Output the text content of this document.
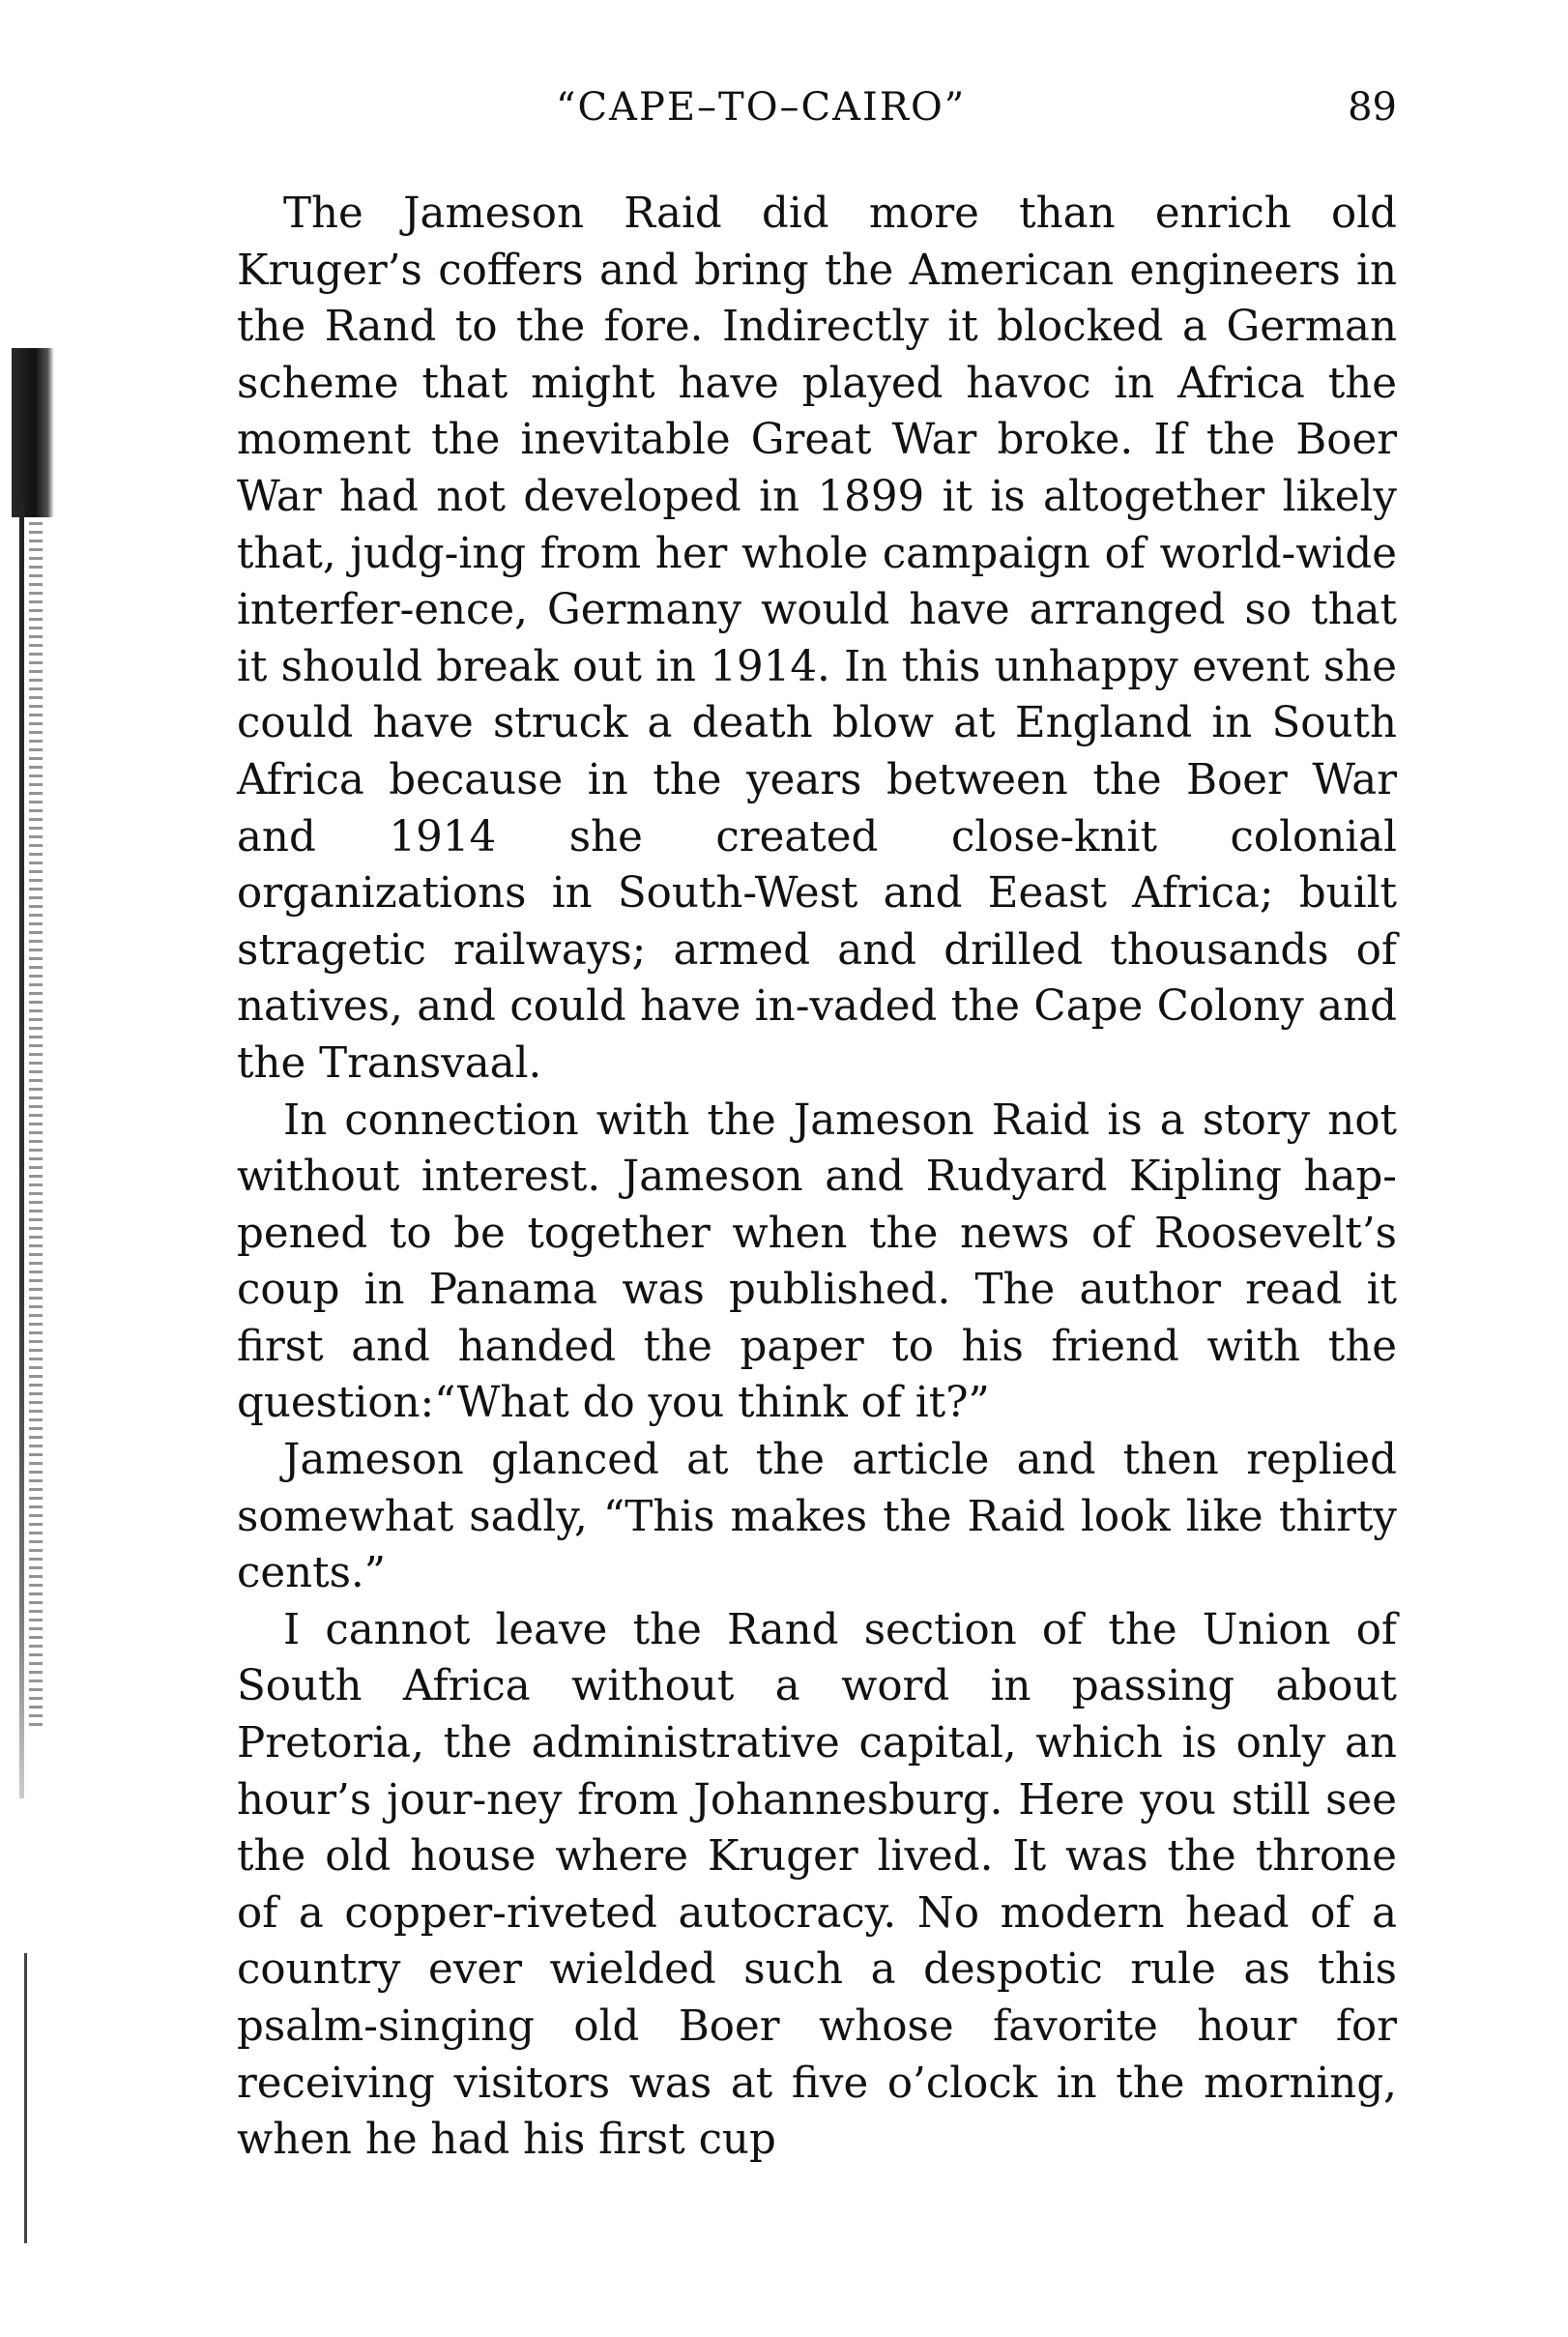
“CAPE–TO–CAIRO”	89

The Jameson Raid did more than enrich old Kruger’s coffers and bring the American engineers in the Rand to the fore. Indirectly it blocked a German scheme that might have played havoc in Africa the moment the inevitable Great War broke. If the Boer War had not developed in 1899 it is altogether likely that, judg-ing from her whole campaign of world-wide interfer-ence, Germany would have arranged so that it should break out in 1914. In this unhappy event she could have struck a death blow at England in South Africa because in the years between the Boer War and 1914 she created close-knit colonial organizations in South-West and Eeast Africa; built stragetic railways; armed and drilled thousands of natives, and could have in-vaded the Cape Colony and the Transvaal.

In connection with the Jameson Raid is a story not without interest. Jameson and Rudyard Kipling hap-pened to be together when the news of Roosevelt’s coup in Panama was published. The author read it first and handed the paper to his friend with the question:“What do you think of it?”

Jameson glanced at the article and then replied somewhat sadly, “This makes the Raid look like thirty cents.”

I cannot leave the Rand section of the Union of South Africa without a word in passing about Pretoria, the administrative capital, which is only an hour’s jour-ney from Johannesburg. Here you still see the old house where Kruger lived. It was the throne of a copper-riveted autocracy. No modern head of a country ever wielded such a despotic rule as this psalm-singing old Boer whose favorite hour for receiving visitors was at five o’clock in the morning, when he had his first cup
